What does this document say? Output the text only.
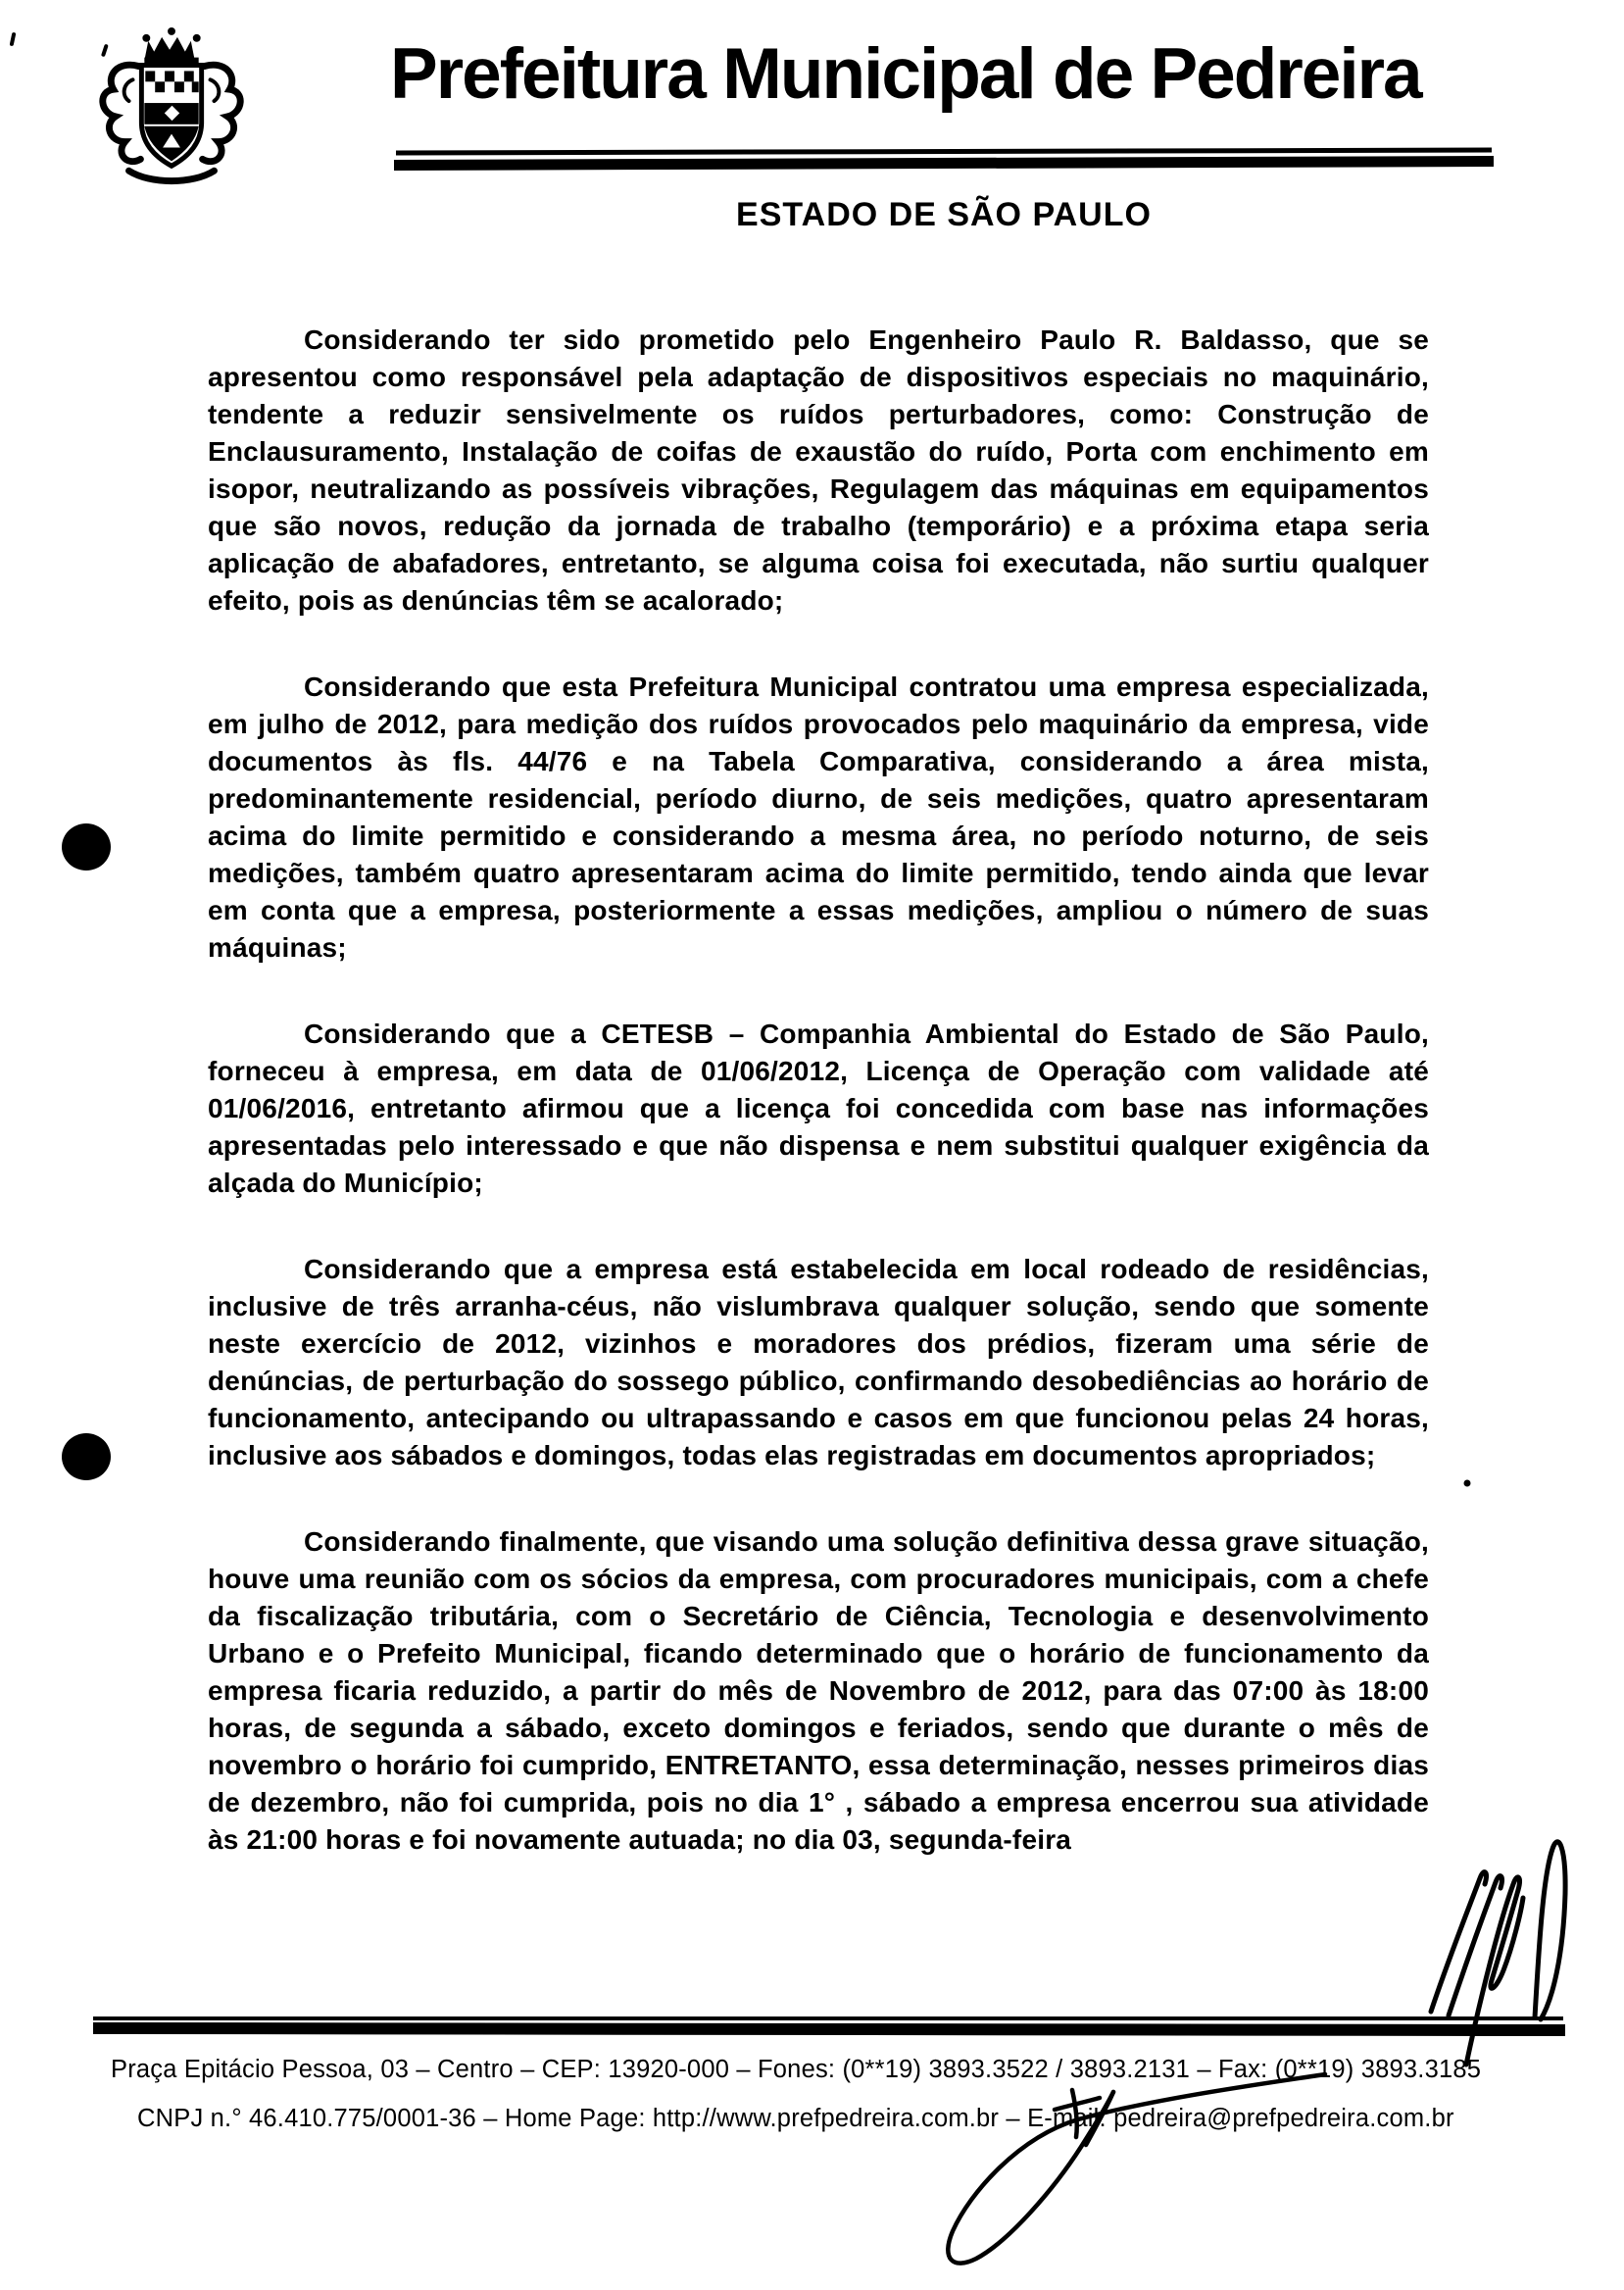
Prefeitura Municipal de Pedreira
ESTADO DE SÃO PAULO

Considerando ter sido prometido pelo Engenheiro Paulo R. Baldasso, que se apresentou como responsável pela adaptação de dispositivos especiais no maquinário, tendente a reduzir sensivelmente os ruídos perturbadores, como: Construção de Enclausuramento, Instalação de coifas de exaustão do ruído, Porta com enchimento em isopor, neutralizando as possíveis vibrações, Regulagem das máquinas em equipamentos que são novos, redução da jornada de trabalho (temporário) e a próxima etapa seria aplicação de abafadores, entretanto, se alguma coisa foi executada, não surtiu qualquer efeito, pois as denúncias têm se acalorado;

Considerando que esta Prefeitura Municipal contratou uma empresa especializada, em julho de 2012, para medição dos ruídos provocados pelo maquinário da empresa, vide documentos às fls. 44/76 e na Tabela Comparativa, considerando a área mista, predominantemente residencial, período diurno, de seis medições, quatro apresentaram acima do limite permitido e considerando a mesma área, no período noturno, de seis medições, também quatro apresentaram acima do limite permitido, tendo ainda que levar em conta que a empresa, posteriormente a essas medições, ampliou o número de suas máquinas;

Considerando que a CETESB – Companhia Ambiental do Estado de São Paulo, forneceu à empresa, em data de 01/06/2012, Licença de Operação com validade até 01/06/2016, entretanto afirmou que a licença foi concedida com base nas informações apresentadas pelo interessado e que não dispensa e nem substitui qualquer exigência da alçada do Município;

Considerando que a empresa está estabelecida em local rodeado de residências, inclusive de três arranha-céus, não vislumbrava qualquer solução, sendo que somente neste exercício de 2012, vizinhos e moradores dos prédios, fizeram uma série de denúncias, de perturbação do sossego público, confirmando desobediências ao horário de funcionamento, antecipando ou ultrapassando e casos em que funcionou pelas 24 horas, inclusive aos sábados e domingos, todas elas registradas em documentos apropriados;

Considerando finalmente, que visando uma solução definitiva dessa grave situação, houve uma reunião com os sócios da empresa, com procuradores municipais, com a chefe da fiscalização tributária, com o Secretário de Ciência, Tecnologia e desenvolvimento Urbano e o Prefeito Municipal, ficando determinado que o horário de funcionamento da empresa ficaria reduzido, a partir do mês de Novembro de 2012, para das 07:00 às 18:00 horas, de segunda a sábado, exceto domingos e feriados, sendo que durante o mês de novembro o horário foi cumprido, ENTRETANTO, essa determinação, nesses primeiros dias de dezembro, não foi cumprida, pois no dia 1° , sábado a empresa encerrou sua atividade às 21:00 horas e foi novamente autuada; no dia 03, segunda-feira

Praça Epitácio Pessoa, 03 – Centro – CEP: 13920-000 – Fones: (0**19) 3893.3522 / 3893.2131 – Fax: (0**19) 3893.3185
CNPJ n.° 46.410.775/0001-36 – Home Page: http://www.prefpedreira.com.br – E-mail: pedreira@prefpedreira.com.br
